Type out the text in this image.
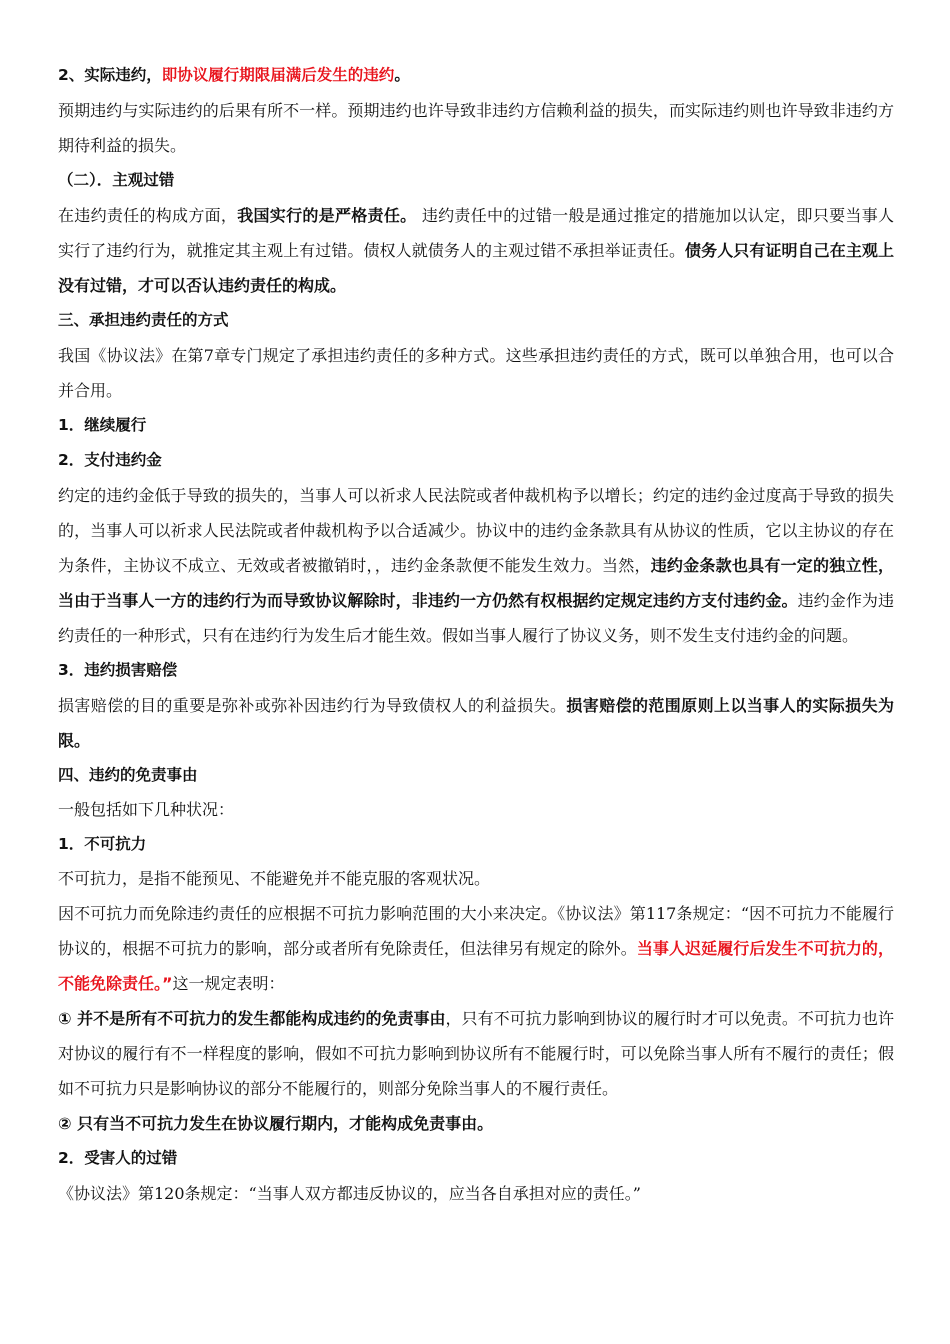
2、实际违约，即协议履行期限届满后发生的违约。

预期违约与实际违约的后果有所不一样。预期违约也许导致非违约方信赖利益的损失，而实际违约则也许导致非违约方期待利益的损失。

（二）．主观过错

在违约责任的构成方面，我国实行的是严格责任。 违约责任中的过错一般是通过推定的措施加以认定，即只要当事人实行了违约行为，就推定其主观上有过错。债权人就债务人的主观过错不承担举证责任。债务人只有证明自己在主观上没有过错，才可以否认违约责任的构成。

三、承担违约责任的方式

我国《协议法》在第7章专门规定了承担违约责任的多种方式。这些承担违约责任的方式，既可以单独合用，也可以合并合用。

1．继续履行

2．支付违约金

约定的违约金低于导致的损失的，当事人可以祈求人民法院或者仲裁机构予以增长；约定的违约金过度高于导致的损失的，当事人可以祈求人民法院或者仲裁机构予以合适减少。协议中的违约金条款具有从协议的性质，它以主协议的存在为条件，主协议不成立、无效或者被撤销时，，违约金条款便不能发生效力。当然，违约金条款也具有一定的独立性，当由于当事人一方的违约行为而导致协议解除时，非违约一方仍然有权根据约定规定违约方支付违约金。违约金作为违约责任的一种形式，只有在违约行为发生后才能生效。假如当事人履行了协议义务，则不发生支付违约金的问题。

3．违约损害赔偿

损害赔偿的目的重要是弥补或弥补因违约行为导致债权人的利益损失。损害赔偿的范围原则上以当事人的实际损失为限。

四、违约的免责事由

一般包括如下几种状况：

1．不可抗力

不可抗力，是指不能预见、不能避免并不能克服的客观状况。

因不可抗力而免除违约责任的应根据不可抗力影响范围的大小来决定。《协议法》第117条规定：“因不可抗力不能履行协议的，根据不可抗力的影响，部分或者所有免除责任，但法律另有规定的除外。当事人迟延履行后发生不可抗力的，不能免除责任。”这一规定表明：

① 并不是所有不可抗力的发生都能构成违约的免责事由，只有不可抗力影响到协议的履行时才可以免责。不可抗力也许对协议的履行有不一样程度的影响，假如不可抗力影响到协议所有不能履行时，可以免除当事人所有不履行的责任；假如不可抗力只是影响协议的部分不能履行的，则部分免除当事人的不履行责任。

② 只有当不可抗力发生在协议履行期内，才能构成免责事由。

2．受害人的过错

《协议法》第120条规定：“当事人双方都违反协议的，应当各自承担对应的责任。”
